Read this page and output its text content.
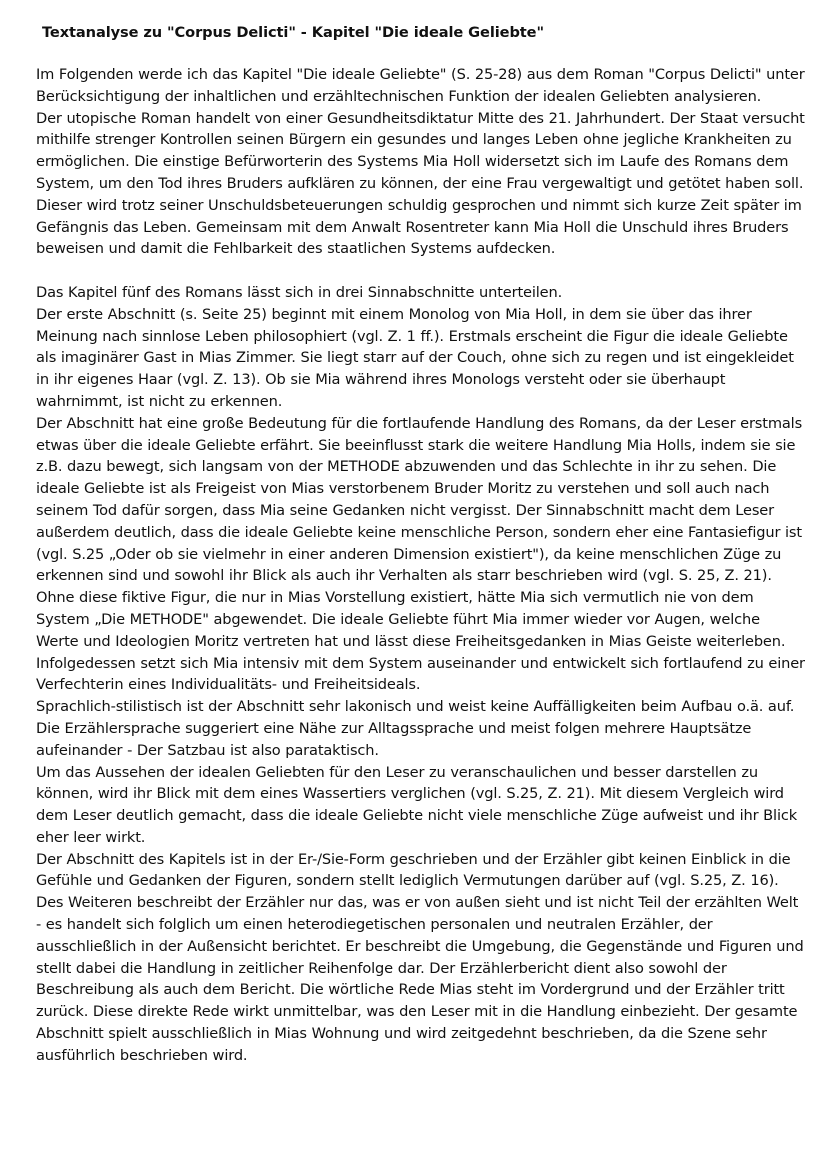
Textanalyse zu "Corpus Delicti" - Kapitel "Die ideale Geliebte"

Im Folgenden werde ich das Kapitel "Die ideale Geliebte" (S. 25-28) aus dem Roman "Corpus Delicti" unter Berücksichtigung der inhaltlichen und erzähltechnischen Funktion der idealen Geliebten analysieren.

Der utopische Roman handelt von einer Gesundheitsdiktatur Mitte des 21. Jahrhundert. Der Staat versucht mithilfe strenger Kontrollen seinen Bürgern ein gesundes und langes Leben ohne jegliche Krankheiten zu ermöglichen. Die einstige Befürworterin des Systems Mia Holl widersetzt sich im Laufe des Romans dem System, um den Tod ihres Bruders aufklären zu können, der eine Frau vergewaltigt und getötet haben soll. Dieser wird trotz seiner Unschuldsbeteuerungen schuldig gesprochen und nimmt sich kurze Zeit später im Gefängnis das Leben. Gemeinsam mit dem Anwalt Rosentreter kann Mia Holl die Unschuld ihres Bruders beweisen und damit die Fehlbarkeit des staatlichen Systems aufdecken.

Das Kapitel fünf des Romans lässt sich in drei Sinnabschnitte unterteilen.

Der erste Abschnitt (s. Seite 25) beginnt mit einem Monolog von Mia Holl, in dem sie über das ihrer Meinung nach sinnlose Leben philosophiert (vgl. Z. 1 ff.). Erstmals erscheint die Figur die ideale Geliebte als imaginärer Gast in Mias Zimmer. Sie liegt starr auf der Couch, ohne sich zu regen und ist eingekleidet in ihr eigenes Haar (vgl. Z. 13). Ob sie Mia während ihres Monologs versteht oder sie überhaupt wahrnimmt, ist nicht zu erkennen.

Der Abschnitt hat eine große Bedeutung für die fortlaufende Handlung des Romans, da der Leser erstmals etwas über die ideale Geliebte erfährt. Sie beeinflusst stark die weitere Handlung Mia Holls, indem sie sie z.B. dazu bewegt, sich langsam von der METHODE abzuwenden und das Schlechte in ihr zu sehen. Die ideale Geliebte ist als Freigeist von Mias verstorbenem Bruder Moritz zu verstehen und soll auch nach seinem Tod dafür sorgen, dass Mia seine Gedanken nicht vergisst. Der Sinnabschnitt macht dem Leser außerdem deutlich, dass die ideale Geliebte keine menschliche Person, sondern eher eine Fantasiefigur ist (vgl. S.25 „Oder ob sie vielmehr in einer anderen Dimension existiert"), da keine menschlichen Züge zu erkennen sind und sowohl ihr Blick als auch ihr Verhalten als starr beschrieben wird (vgl. S. 25, Z. 21). Ohne diese fiktive Figur, die nur in Mias Vorstellung existiert, hätte Mia sich vermutlich nie von dem System „Die METHODE" abgewendet. Die ideale Geliebte führt Mia immer wieder vor Augen, welche Werte und Ideologien Moritz vertreten hat und lässt diese Freiheitsgedanken in Mias Geiste weiterleben. Infolgedessen setzt sich Mia intensiv mit dem System auseinander und entwickelt sich fortlaufend zu einer Verfechterin eines Individualitäts- und Freiheitsideals.

Sprachlich-stilistisch ist der Abschnitt sehr lakonisch und weist keine Auffälligkeiten beim Aufbau o.ä. auf. Die Erzählersprache suggeriert eine Nähe zur Alltagssprache und meist folgen mehrere Hauptsätze aufeinander - Der Satzbau ist also parataktisch.

Um das Aussehen der idealen Geliebten für den Leser zu veranschaulichen und besser darstellen zu können, wird ihr Blick mit dem eines Wassertiers verglichen (vgl. S.25, Z. 21). Mit diesem Vergleich wird dem Leser deutlich gemacht, dass die ideale Geliebte nicht viele menschliche Züge aufweist und ihr Blick eher leer wirkt.

Der Abschnitt des Kapitels ist in der Er-/Sie-Form geschrieben und der Erzähler gibt keinen Einblick in die Gefühle und Gedanken der Figuren, sondern stellt lediglich Vermutungen darüber auf (vgl. S.25, Z. 16). Des Weiteren beschreibt der Erzähler nur das, was er von außen sieht und ist nicht Teil der erzählten Welt - es handelt sich folglich um einen heterodiegetischen personalen und neutralen Erzähler, der ausschließlich in der Außensicht berichtet. Er beschreibt die Umgebung, die Gegenstände und Figuren und stellt dabei die Handlung in zeitlicher Reihenfolge dar. Der Erzählerbericht dient also sowohl der Beschreibung als auch dem Bericht. Die wörtliche Rede Mias steht im Vordergrund und der Erzähler tritt zurück. Diese direkte Rede wirkt unmittelbar, was den Leser mit in die Handlung einbezieht. Der gesamte Abschnitt spielt ausschließlich in Mias Wohnung und wird zeitgedehnt beschrieben, da die Szene sehr ausführlich beschrieben wird.
